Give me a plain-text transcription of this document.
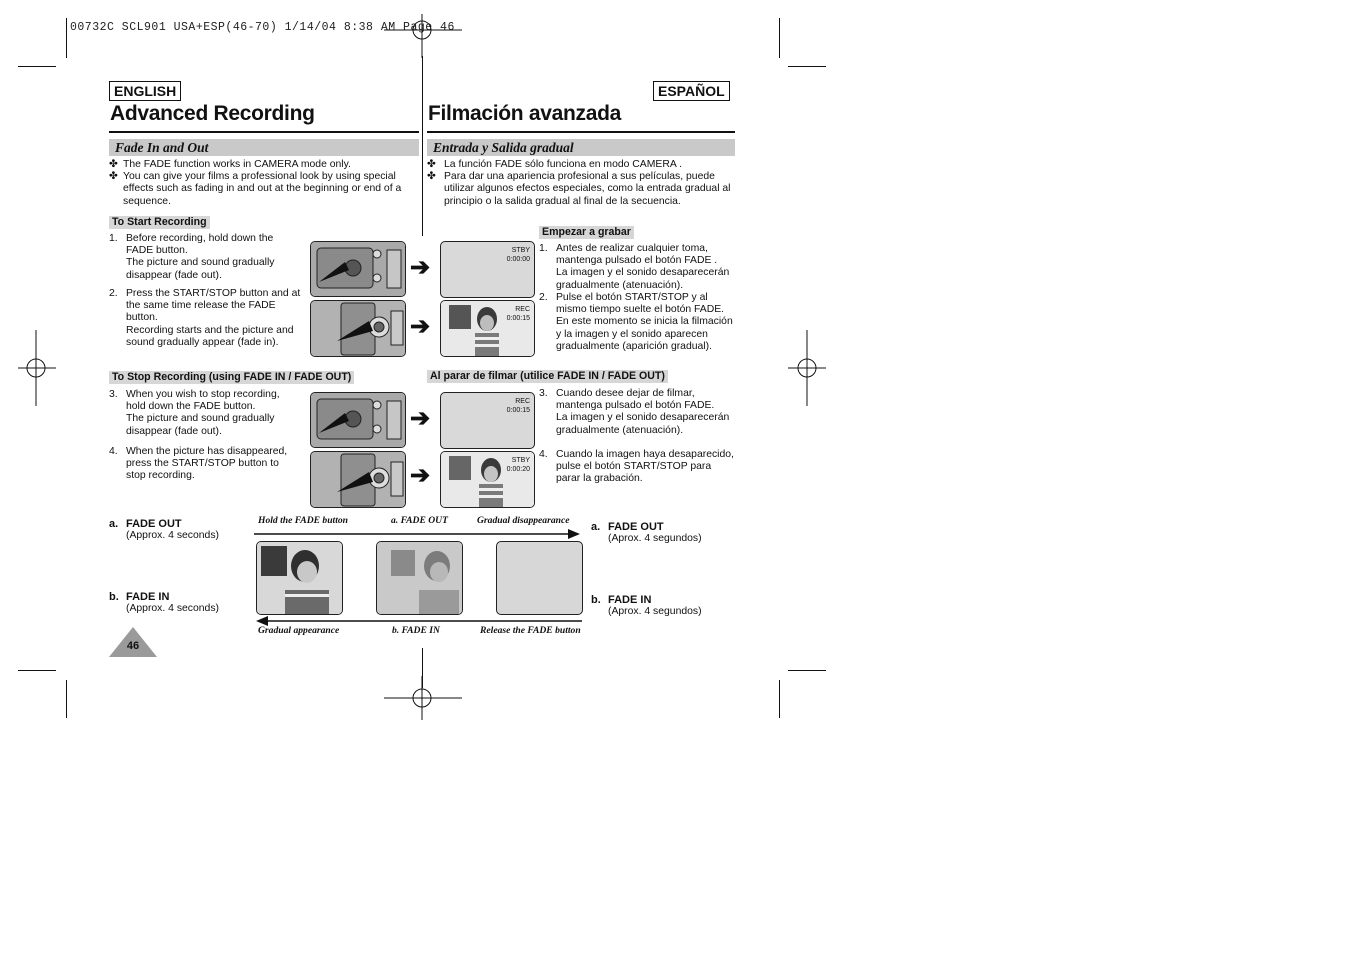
00732C SCL901 USA+ESP(46-70) 1/14/04 8:38 AM Page 46
ENGLISH	ESPAÑOL
Advanced Recording	Filmación avanzada
Fade In and Out	Entrada y Salida gradual
✤ The FADE function works in CAMERA mode only.
✤ You can give your films a professional look by using special effects such as fading in and out at the beginning or end of a sequence.
✤ La función FADE sólo funciona en modo CAMERA .
✤ Para dar una apariencia profesional a sus películas, puede utilizar algunos efectos especiales, como la entrada gradual al principio o la salida gradual al final de la secuencia.
To Start Recording
1. Before recording, hold down the
FADE button.
The picture and sound gradually
disappear (fade out).
2. Press the START/STOP button and at
the same time release the FADE
button.
Recording starts and the picture and
sound gradually appear (fade in).
To Stop Recording (using FADE IN / FADE OUT)
3. When you wish to stop recording,
hold down the FADE button.
The picture and sound gradually
disappear (fade out).
4. When the picture has disappeared,
press the START/STOP button to
stop recording.
Empezar a grabar
1. Antes de realizar cualquier toma,
mantenga pulsado el botón FADE .
La imagen y el sonido desaparecerán
gradualmente (atenuación).
2. Pulse el botón START/STOP y al
mismo tiempo suelte el botón FADE.
En este momento se inicia la filmación
y la imagen y el sonido aparecen
gradualmente (aparición gradual).
Al parar de filmar (utilice FADE IN / FADE OUT)
3. Cuando desee dejar de filmar,
mantenga pulsado el botón FADE.
La imagen y el sonido desaparecerán
gradualmente (atenuación).
4. Cuando la imagen haya desaparecido,
pulse el botón START/STOP para
parar la grabación.
➔
➔
➔
➔
STBY
0:00:00
REC
0:00:15
REC
0:00:15
STBY
0:00:20
a. FADE OUT
(Approx. 4 seconds)
b. FADE IN
(Approx. 4 seconds)
a. FADE OUT
(Aprox. 4 segundos)
b. FADE IN
(Aprox. 4 segundos)
Hold the FADE button	a. FADE OUT	Gradual disappearance
Gradual appearance	b. FADE IN	Release the FADE button
46
